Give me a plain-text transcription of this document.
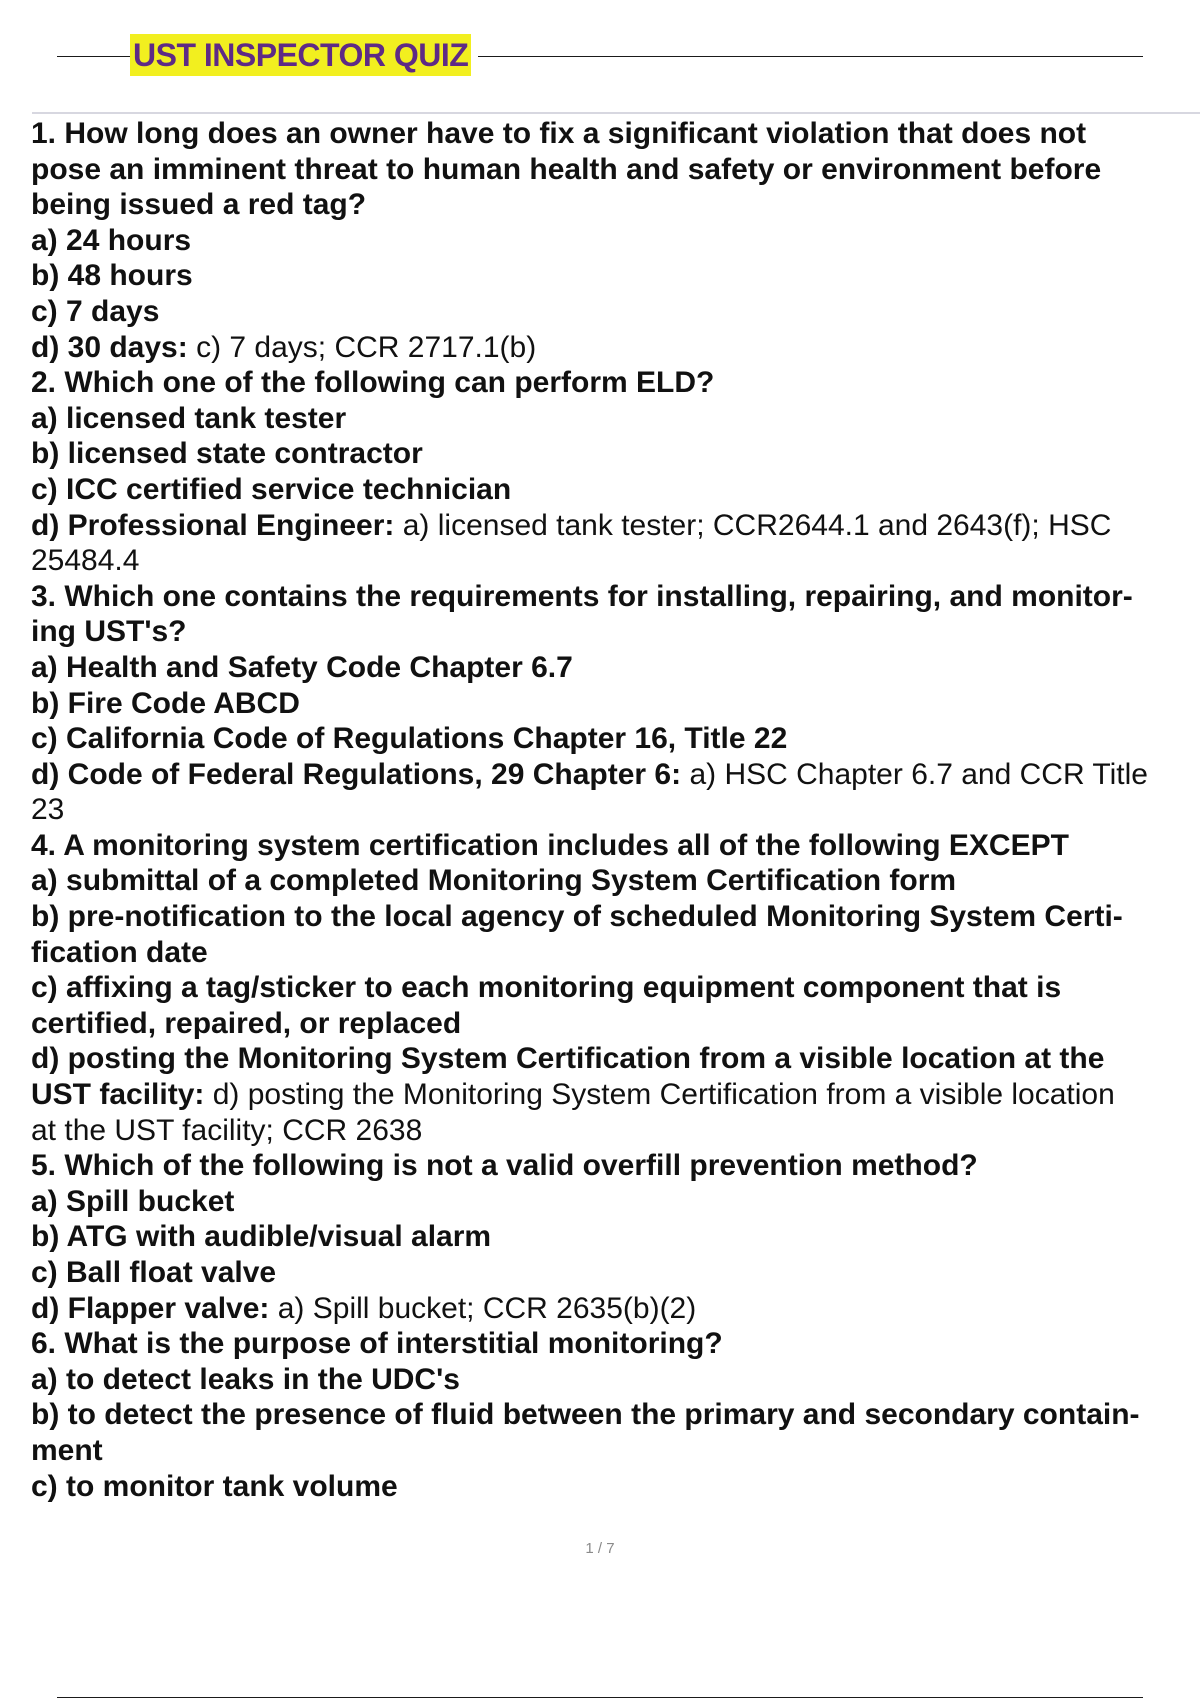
UST INSPECTOR QUIZ
1. How long does an owner have to fix a significant violation that does not
pose an imminent threat to human health and safety or environment before
being issued a red tag?
a) 24 hours
b) 48 hours
c) 7 days
d) 30 days: c) 7 days; CCR 2717.1(b)
2. Which one of the following can perform ELD?
a) licensed tank tester
b) licensed state contractor
c) ICC certified service technician
d) Professional Engineer: a) licensed tank tester; CCR2644.1 and 2643(f); HSC
25484.4
3. Which one contains the requirements for installing, repairing, and monitor-
ing UST's?
a) Health and Safety Code Chapter 6.7
b) Fire Code ABCD
c) California Code of Regulations Chapter 16, Title 22
d) Code of Federal Regulations, 29 Chapter 6: a) HSC Chapter 6.7 and CCR Title
23
4. A monitoring system certification includes all of the following EXCEPT
a) submittal of a completed Monitoring System Certification form
b) pre-notification to the local agency of scheduled Monitoring System Certi-
fication date
c) affixing a tag/sticker to each monitoring equipment component that is
certified, repaired, or replaced
d) posting the Monitoring System Certification from a visible location at the
UST facility: d) posting the Monitoring System Certification from a visible location
at the UST facility; CCR 2638
5. Which of the following is not a valid overfill prevention method?
a) Spill bucket
b) ATG with audible/visual alarm
c) Ball float valve
d) Flapper valve: a) Spill bucket; CCR 2635(b)(2)
6. What is the purpose of interstitial monitoring?
a) to detect leaks in the UDC's
b) to detect the presence of fluid between the primary and secondary contain-
ment
c) to monitor tank volume
1 / 7
